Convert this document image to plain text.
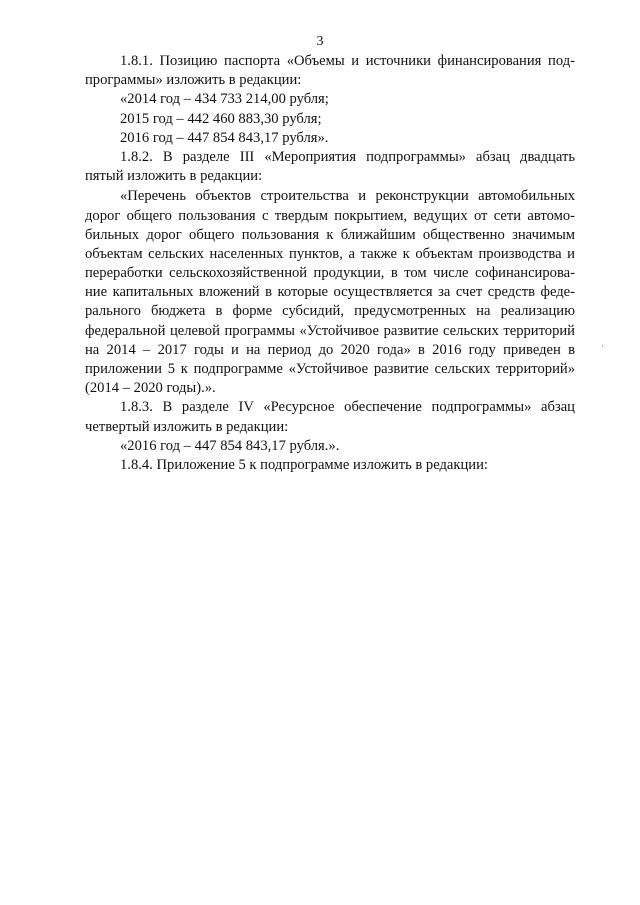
3
1.8.1. Позицию паспорта «Объемы и источники финансирования под-
программы» изложить в редакции:
«2014 год – 434 733 214,00 рубля;
2015 год – 442 460 883,30 рубля;
2016 год – 447 854 843,17 рубля».
1.8.2. В разделе III «Мероприятия подпрограммы» абзац двадцать
пятый изложить в редакции:
«Перечень объектов строительства и реконструкции автомобильных
дорог общего пользования с твердым покрытием, ведущих от сети автомо-
бильных дорог общего пользования к ближайшим общественно значимым
объектам сельских населенных пунктов, а также к объектам производства и
переработки сельскохозяйственной продукции, в том числе софинансирова-
ние капитальных вложений в которые осуществляется за счет средств феде-
рального бюджета в форме субсидий, предусмотренных на реализацию
федеральной целевой программы «Устойчивое развитие сельских территорий
на 2014 – 2017 годы и на период до 2020 года» в 2016 году приведен в
приложении 5 к подпрограмме «Устойчивое развитие сельских территорий»
(2014 – 2020 годы).».
1.8.3. В разделе IV «Ресурсное обеспечение подпрограммы» абзац
четвертый изложить в редакции:
«2016 год – 447 854 843,17 рубля.».
1.8.4. Приложение 5 к подпрограмме изложить в редакции:
